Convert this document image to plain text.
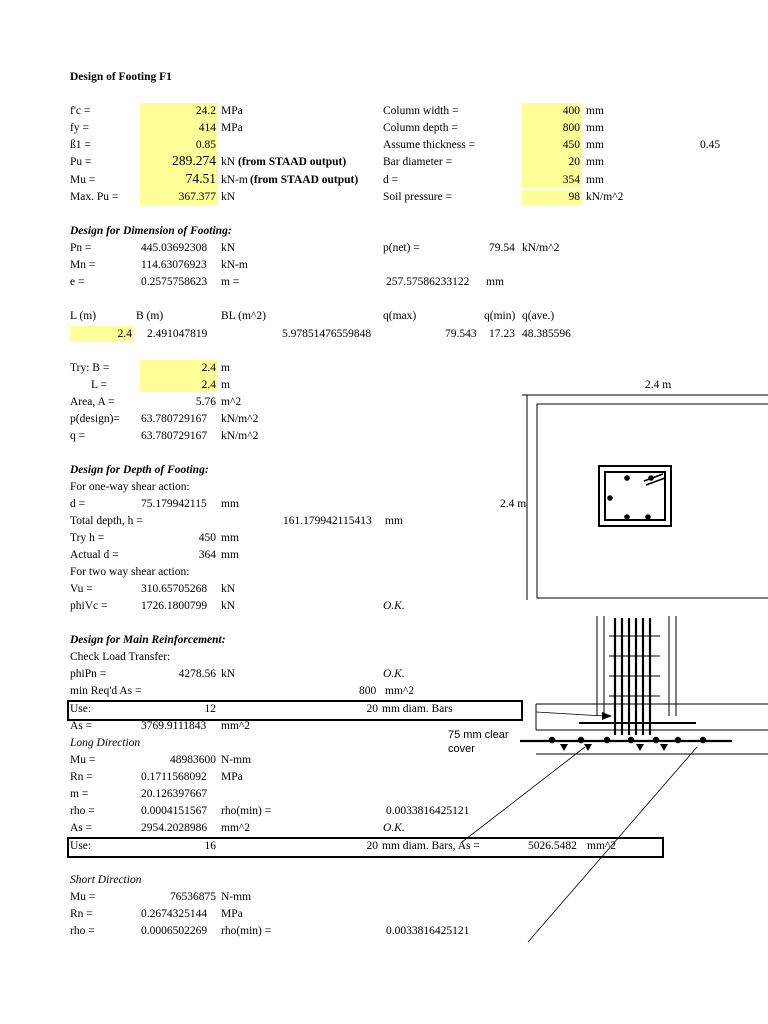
Design of Footing F1
f'c =	24.2 MPa
fy =	414 MPa
ß1 =	0.85
Pu =	289.274 kN (from STAAD output)
Mu =	74.51 kN-m (from STAAD output)
Max. Pu =	367.377 kN
Column width =	400 mm
Column depth =	800 mm
Assume thickness =	450 mm	0.45
Bar diameter =	20 mm
d =	354 mm
Soil pressure =	98 kN/m^2
Design for Dimension of Footing:
Pn =	445.03692308 kN	p(net) =	79.54 kN/m^2
Mn =	114.63076923 kN-m
e =	0.2575758623 m =	257.57586233122 mm
L (m)	B (m)	BL (m^2)	q(max)	q(min) q(ave.)
2.4 2.491047819	5.97851476559848	79.543 17.23 48.385596
Try: B =	2.4 m
L =	2.4 m
Area, A =	5.76 m^2
p(design)= 63.780729167 kN/m^2
q =	63.780729167 kN/m^2
Design for Depth of Footing:
For one-way shear action:
d =	75.179942115 mm
Total depth, h =	161.179942115413 mm
Try h =	450 mm
Actual d =	364 mm
For two way shear action:
Vu =	310.65705268 kN
phiVc =	1726.1800799 kN	O.K.
Design for Main Reinforcement:
Check Load Transfer:
phiPn =	4278.56 kN	O.K.
min Req'd As =	800 mm^2
Use:	12	20 mm diam. Bars
As =	3769.9111843 mm^2
Long Direction
Mu =	48983600 N-mm
Rn =	0.1711568092 MPa
m =	20.126397667
rho =	0.0004151567 rho(min) =	0.0033816425121
As =	2954.2028986 mm^2	O.K.
Use:	16	20 mm diam. Bars, As =	5026.5482 mm^2
Short Direction
Mu =	76536875 N-mm
Rn =	0.2674325144 MPa
rho =	0.0006502269 rho(min) =	0.0033816425121
2.4 m
2.4 m
75 mm clear
cover
